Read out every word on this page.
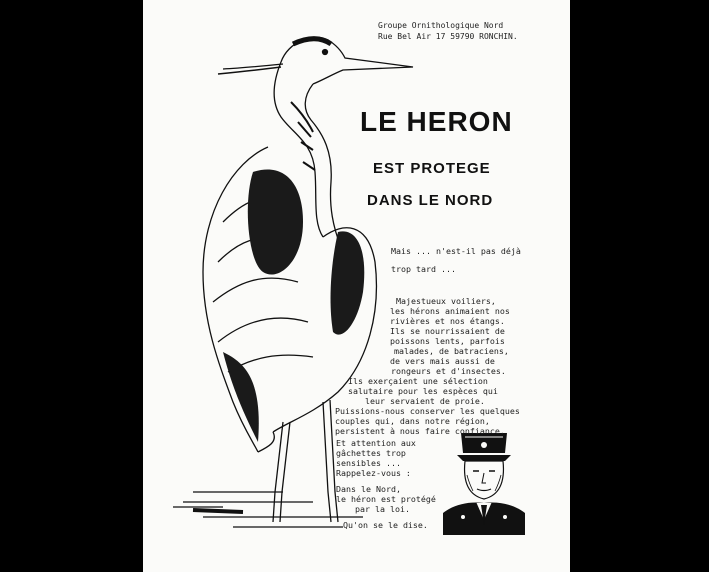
Groupe Ornithologique Nord
Rue Bel Air 17 59790 RONCHIN.
LE HERON
EST PROTEGE
DANS LE NORD
Mais ... n'est-il pas déjà
trop tard ...
Majestueux voiliers,
les hérons animaient nos
rivières et nos étangs.
Ils se nourrissaient de
poissons lents, parfois
malades, de batraciens,
de vers mais aussi de
rongeurs et d'insectes.
Ils exerçaient une sélection
salutaire pour les espèces qui
leur servaient de proie.
Puissions-nous conserver les quelques
couples qui, dans notre région,
persistent à nous faire confiance.
Et attention aux
gâchettes trop
sensibles ...
Rappelez-vous :
Dans le Nord,
le héron est protégé
par la loi.
Qu'on se le dise.
